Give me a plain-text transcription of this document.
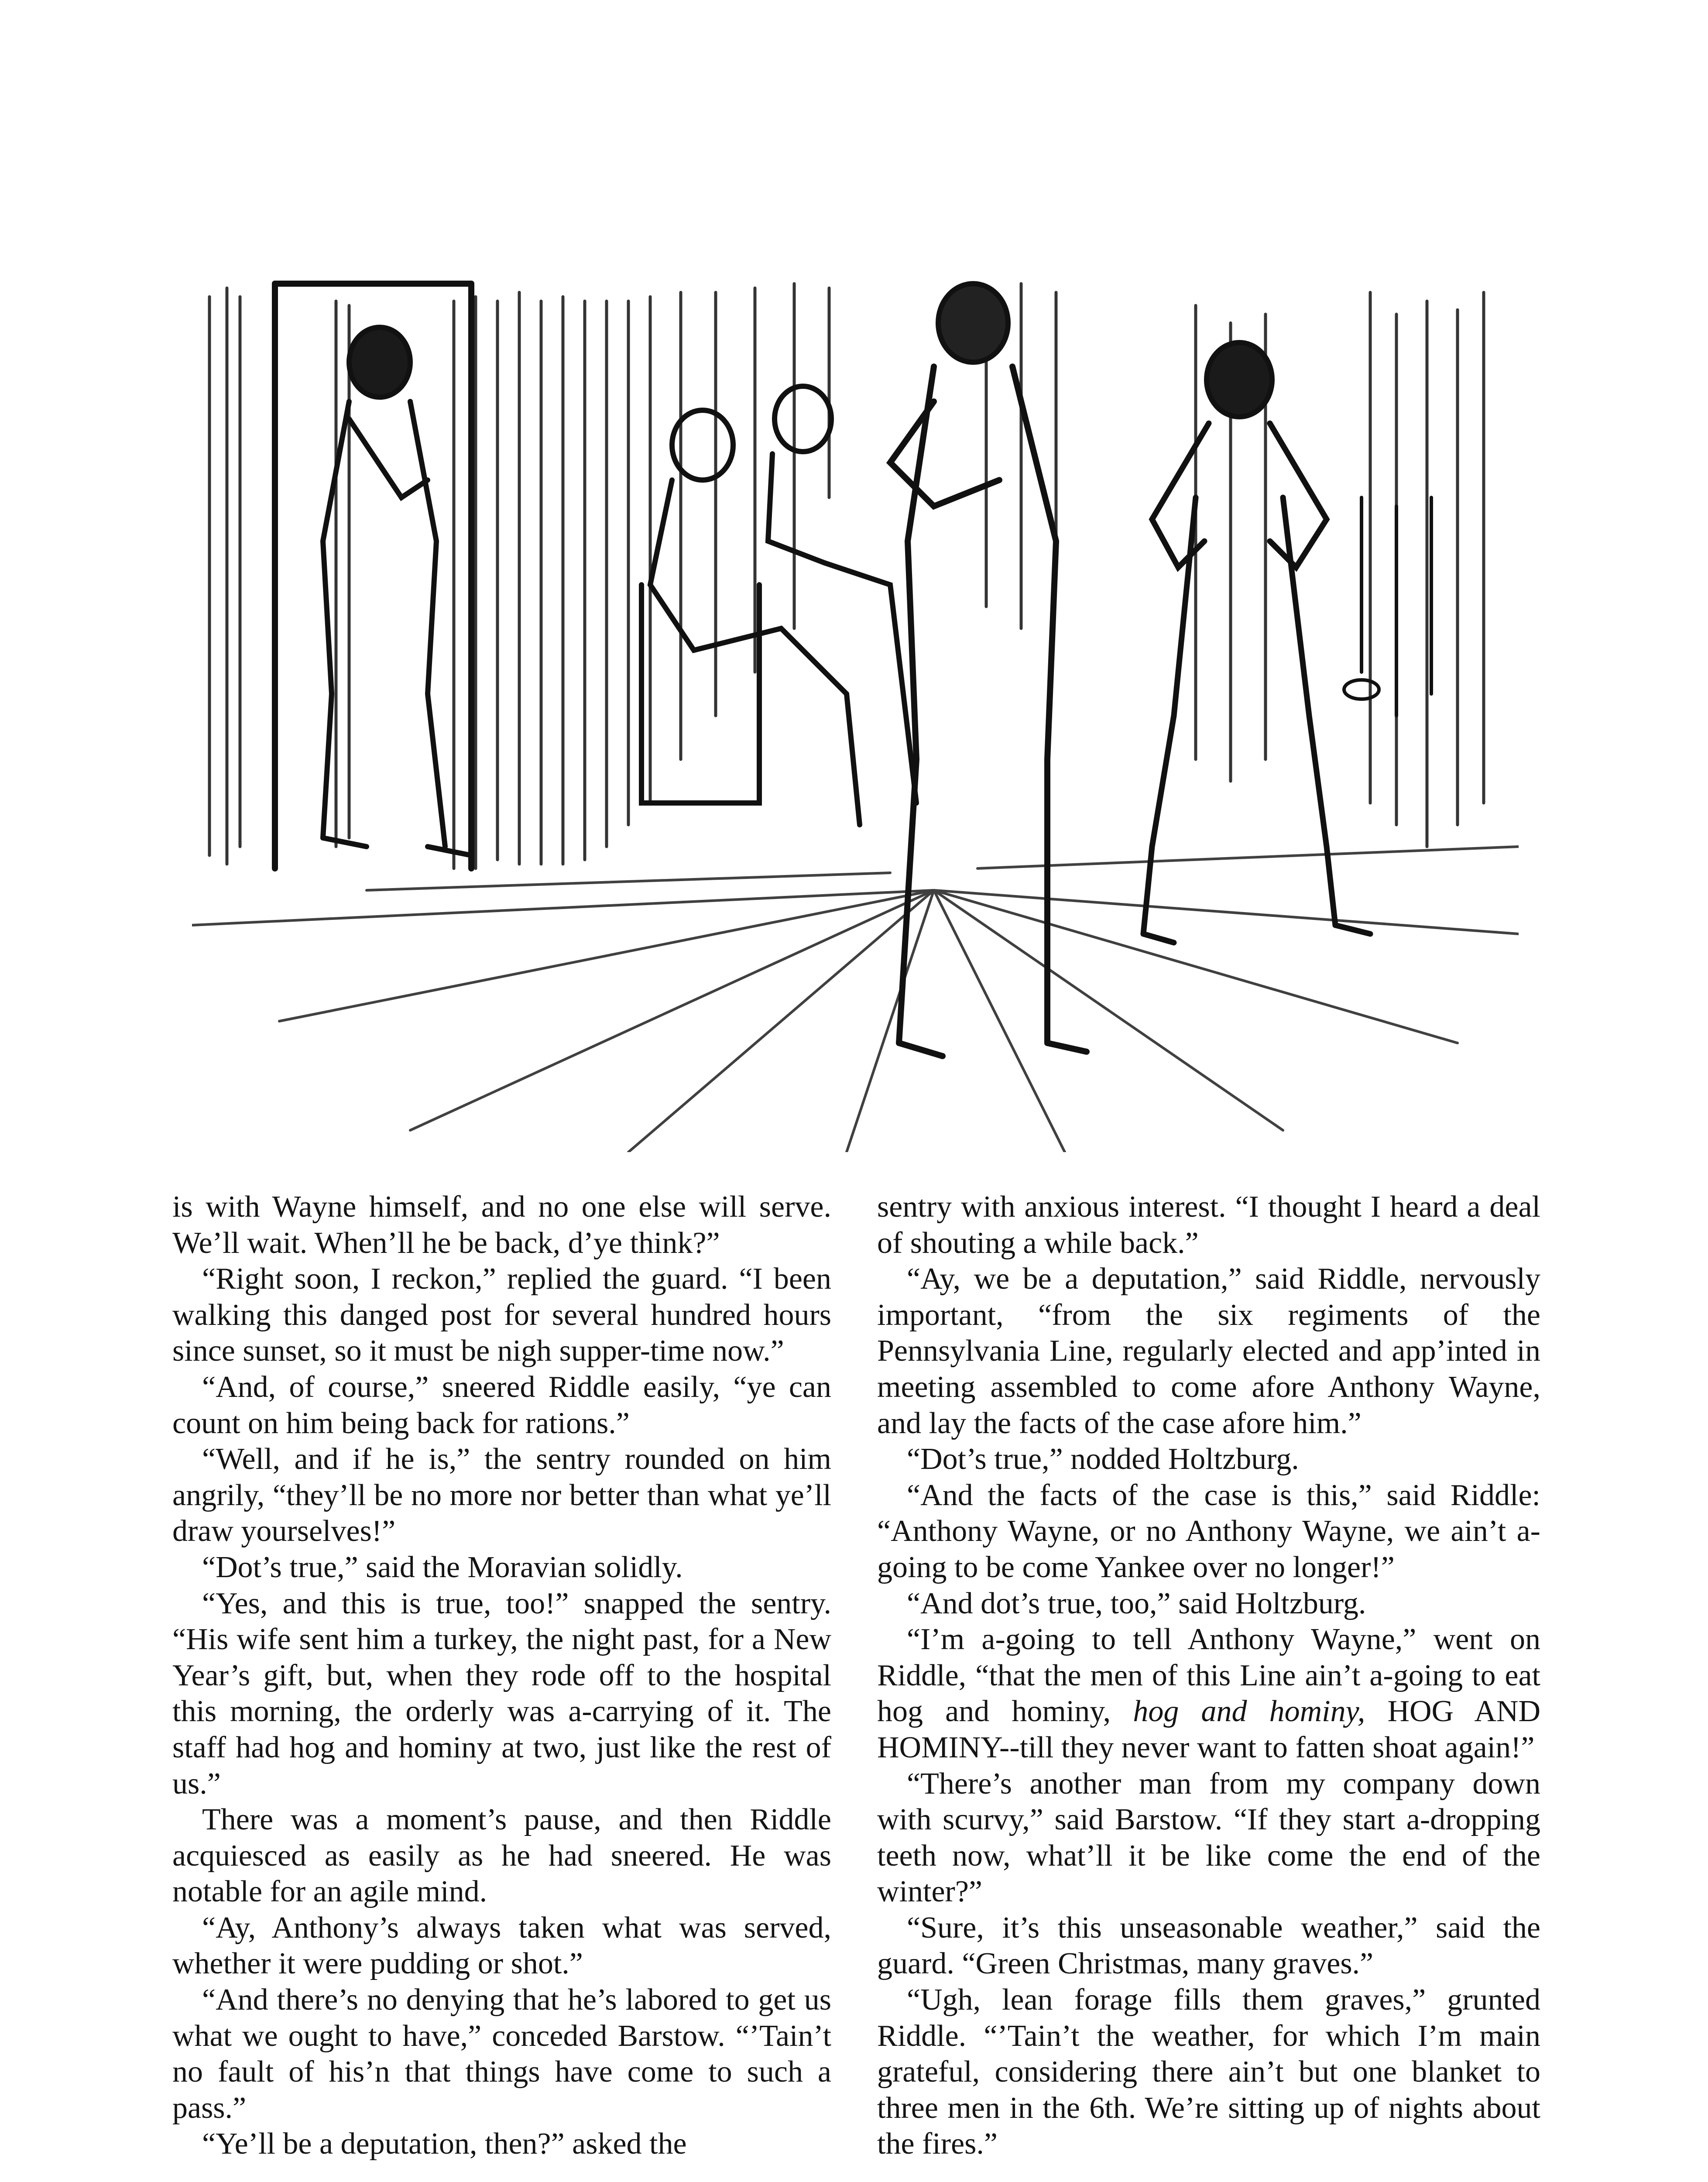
is with Wayne himself, and no one else will serve. We’ll wait. When’ll he be back, d’ye think?”

“Right soon, I reckon,” replied the guard. “I been walking this danged post for several hundred hours since sunset, so it must be nigh supper-time now.”

“And, of course,” sneered Riddle easily, “ye can count on him being back for rations.”

“Well, and if he is,” the sentry rounded on him angrily, “they’ll be no more nor better than what ye’ll draw yourselves!”

“Dot’s true,” said the Moravian solidly.

“Yes, and this is true, too!” snapped the sentry. “His wife sent him a turkey, the night past, for a New Year’s gift, but, when they rode off to the hospital this morning, the orderly was a-carrying of it. The staff had hog and hominy at two, just like the rest of us.”

There was a moment’s pause, and then Riddle acquiesced as easily as he had sneered. He was notable for an agile mind.

“Ay, Anthony’s always taken what was served, whether it were pudding or shot.”

“And there’s no denying that he’s labored to get us what we ought to have,” conceded Barstow. “’Tain’t no fault of his’n that things have come to such a pass.”

“Ye’ll be a deputation, then?” asked the

sentry with anxious interest. “I thought I heard a deal of shouting a while back.”

“Ay, we be a deputation,” said Riddle, nervously important, “from the six regiments of the Pennsylvania Line, regularly elected and app’inted in meeting assembled to come afore Anthony Wayne, and lay the facts of the case afore him.”

“Dot’s true,” nodded Holtzburg.

“And the facts of the case is this,” said Riddle: “Anthony Wayne, or no Anthony Wayne, we ain’t a-going to be come Yankee over no longer!”

“And dot’s true, too,” said Holtzburg.

“I’m a-going to tell Anthony Wayne,” went on Riddle, “that the men of this Line ain’t a-going to eat hog and hominy, hog and hominy, HOG AND HOMINY--till they never want to fatten shoat again!”

“There’s another man from my company down with scurvy,” said Barstow. “If they start a-dropping teeth now, what’ll it be like come the end of the winter?”

“Sure, it’s this unseasonable weather,” said the guard. “Green Christmas, many graves.”

“Ugh, lean forage fills them graves,” grunted Riddle. “’Tain’t the weather, for which I’m main grateful, considering there ain’t but one blanket to three men in the 6th. We’re sitting up of nights about the fires.”
